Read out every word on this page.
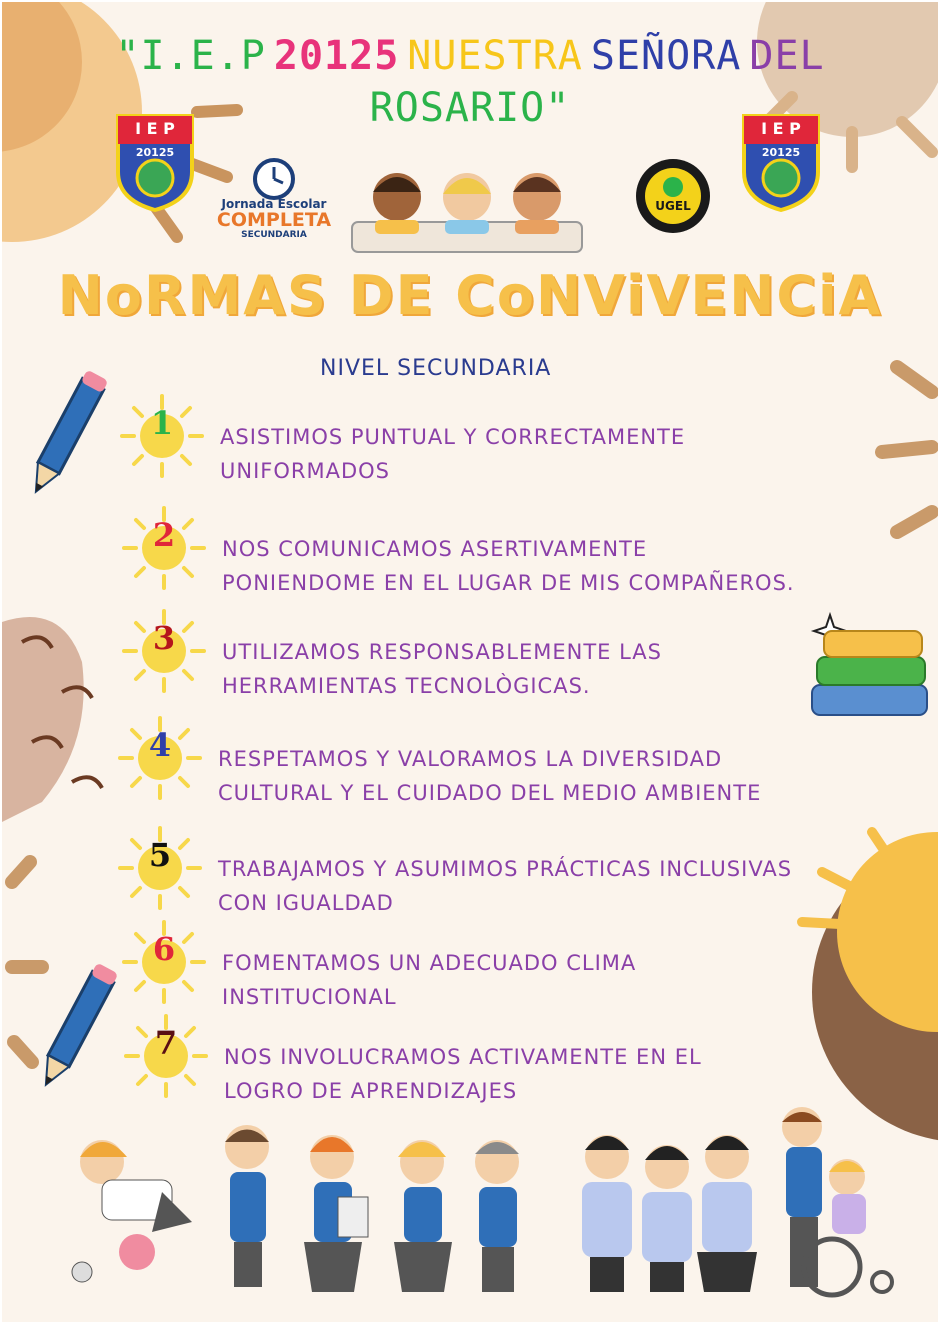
"I.E.P 20125 NUESTRA SEÑORA DEL
ROSARIO"
I E P
20125
Jornada Escolar
COMPLETA
SECUNDARIA
UGEL
I E P
20125
NoRMAS DE CoNViVENCiA
NIVEL SECUNDARIA
1	ASISTIMOS PUNTUAL Y CORRECTAMENTE
UNIFORMADOS
2	NOS COMUNICAMOS ASERTIVAMENTE
PONIENDOME EN EL LUGAR DE MIS COMPAÑEROS.
3	UTILIZAMOS RESPONSABLEMENTE LAS
HERRAMIENTAS TECNOLÒGICAS.
4	RESPETAMOS Y VALORAMOS LA DIVERSIDAD
CULTURAL Y EL CUIDADO DEL MEDIO AMBIENTE
5	TRABAJAMOS Y ASUMIMOS PRÁCTICAS INCLUSIVAS
CON IGUALDAD
6	FOMENTAMOS UN ADECUADO CLIMA
INSTITUCIONAL
7	NOS INVOLUCRAMOS ACTIVAMENTE EN EL
LOGRO DE APRENDIZAJES
